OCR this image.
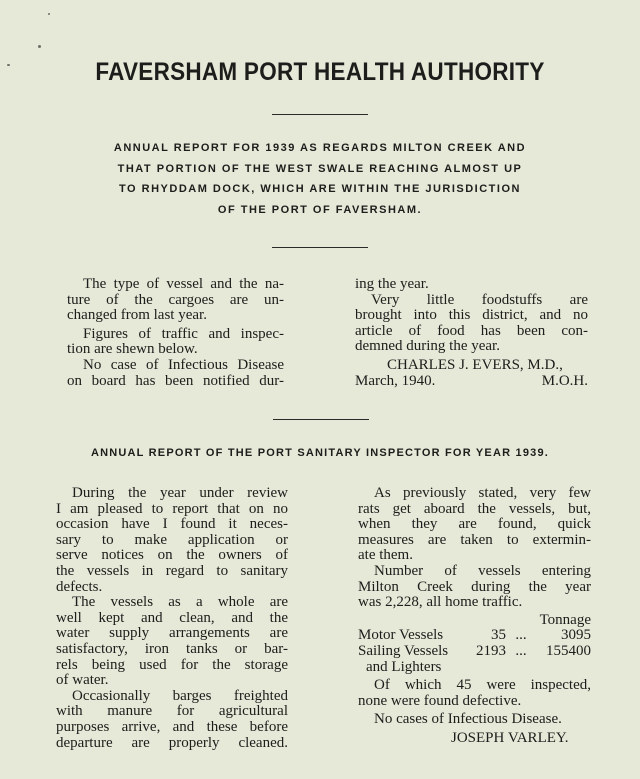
FAVERSHAM PORT HEALTH AUTHORITY
ANNUAL REPORT FOR 1939 AS REGARDS MILTON CREEK AND
THAT PORTION OF THE WEST SWALE REACHING ALMOST UP
TO RHYDDAM DOCK, WHICH ARE WITHIN THE JURISDICTION
OF THE PORT OF FAVERSHAM.

The type of vessel and the na-

ture of the cargoes are un-

changed from last year.

Figures of traffic and inspec-

tion are shewn below.

No case of Infectious Disease

on board has been notified dur-

ing the year.

Very little foodstuffs are

brought into this district, and no

article of food has been con-

demned during the year.

CHARLES J. EVERS, M.D.,

March, 1940.	M.O.H.
ANNUAL REPORT OF THE PORT SANITARY INSPECTOR FOR YEAR 1939.

During the year under review

I am pleased to report that on no

occasion have I found it neces-

sary to make application or

serve notices on the owners of

the vessels in regard to sanitary

defects.

The vessels as a whole are

well kept and clean, and the

water supply arrangements are

satisfactory, iron tanks or bar-

rels being used for the storage

of water.

Occasionally barges freighted

with manure for agricultural

purposes arrive, and these before

departure are properly cleaned.

As previously stated, very few

rats get aboard the vessels, but,

when they are found, quick

measures are taken to extermin-

ate them.

Number of vessels entering

Milton Creek during the year

was 2,228, all home traffic.

Tonnage
Motor Vessels	35 ...	3095
Sailing Vessels	2193 ...	155400
and Lighters

Of which 45 were inspected,

none were found defective.

No cases of Infectious Disease.

JOSEPH VARLEY.
